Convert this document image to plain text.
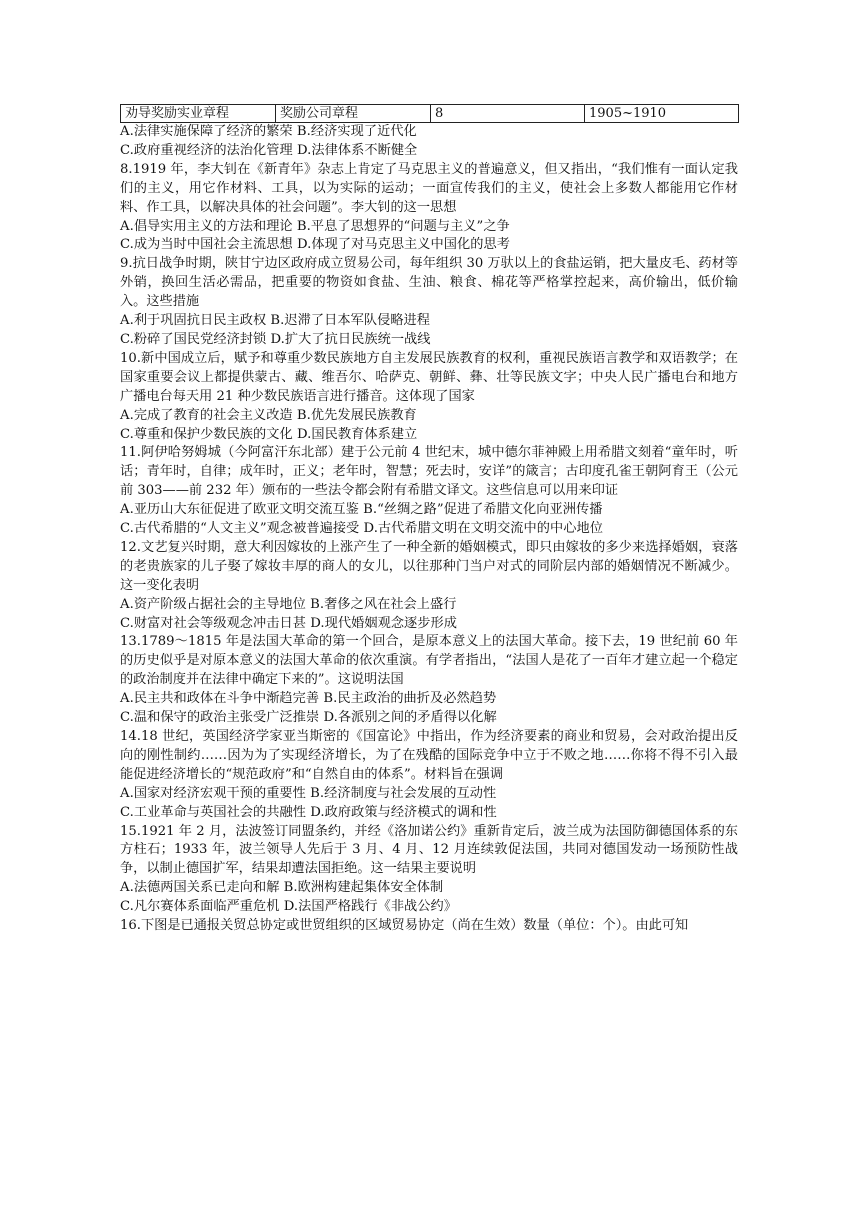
劝导奖励实业章程	奖励公司章程	8	1905~1910
A.法律实施保障了经济的繁荣 B.经济实现了近代化
C.政府重视经济的法治化管理 D.法律体系不断健全
8.1919 年，李大钊在《新青年》杂志上肯定了马克思主义的普遍意义，但又指出，“我们惟有一面认定我们的主义，用它作材料、工具，以为实际的运动；一面宣传我们的主义，使社会上多数人都能用它作材料、作工具，以解决具体的社会问题”。李大钊的这一思想
A.倡导实用主义的方法和理论 B.平息了思想界的“问题与主义”之争
C.成为当时中国社会主流思想 D.体现了对马克思主义中国化的思考
9.抗日战争时期，陕甘宁边区政府成立贸易公司，每年组织 30 万驮以上的食盐运销，把大量皮毛、药材等外销，换回生活必需品，把重要的物资如食盐、生油、粮食、棉花等严格掌控起来，高价输出，低价输入。这些措施
A.利于巩固抗日民主政权 B.迟滞了日本军队侵略进程
C.粉碎了国民党经济封锁 D.扩大了抗日民族统一战线
10.新中国成立后，赋予和尊重少数民族地方自主发展民族教育的权利，重视民族语言教学和双语教学；在国家重要会议上都提供蒙古、藏、维吾尔、哈萨克、朝鲜、彝、壮等民族文字；中央人民广播电台和地方广播电台每天用 21 种少数民族语言进行播音。这体现了国家
A.完成了教育的社会主义改造 B.优先发展民族教育
C.尊重和保护少数民族的文化 D.国民教育体系建立
11.阿伊哈努姆城（今阿富汗东北部）建于公元前 4 世纪末，城中德尔菲神殿上用希腊文刻着“童年时，听话；青年时，自律；成年时，正义；老年时，智慧；死去时，安详”的箴言；古印度孔雀王朝阿育王（公元前 303——前 232 年）颁布的一些法令都会附有希腊文译文。这些信息可以用来印证
A.亚历山大东征促进了欧亚文明交流互鉴 B.“丝绸之路”促进了希腊文化向亚洲传播
C.古代希腊的“人文主义”观念被普遍接受 D.古代希腊文明在文明交流中的中心地位
12.文艺复兴时期，意大利因嫁妆的上涨产生了一种全新的婚姻模式，即只由嫁妆的多少来选择婚姻，衰落的老贵族家的儿子娶了嫁妆丰厚的商人的女儿，以往那种门当户对式的同阶层内部的婚姻情况不断减少。这一变化表明
A.资产阶级占据社会的主导地位 B.奢侈之风在社会上盛行
C.财富对社会等级观念冲击日甚 D.现代婚姻观念逐步形成
13.1789～1815 年是法国大革命的第一个回合，是原本意义上的法国大革命。接下去，19 世纪前 60 年的历史似乎是对原本意义的法国大革命的依次重演。有学者指出，“法国人是花了一百年才建立起一个稳定的政治制度并在法律中确定下来的”。这说明法国
A.民主共和政体在斗争中渐趋完善 B.民主政治的曲折及必然趋势
C.温和保守的政治主张受广泛推崇 D.各派别之间的矛盾得以化解
14.18 世纪，英国经济学家亚当斯密的《国富论》中指出，作为经济要素的商业和贸易，会对政治提出反向的刚性制约……因为为了实现经济增长，为了在残酷的国际竞争中立于不败之地……你将不得不引入最能促进经济增长的“规范政府”和“自然自由的体系”。材料旨在强调
A.国家对经济宏观干预的重要性 B.经济制度与社会发展的互动性
C.工业革命与英国社会的共融性 D.政府政策与经济模式的调和性
15.1921 年 2 月，法波签订同盟条约，并经《洛加诺公约》重新肯定后，波兰成为法国防御德国体系的东方柱石；1933 年，波兰领导人先后于 3 月、4 月、12 月连续敦促法国，共同对德国发动一场预防性战争，以制止德国扩军，结果却遭法国拒绝。这一结果主要说明
A.法德两国关系已走向和解 B.欧洲构建起集体安全体制
C.凡尔赛体系面临严重危机 D.法国严格践行《非战公约》
16.下图是已通报关贸总协定或世贸组织的区域贸易协定（尚在生效）数量（单位：个）。由此可知
